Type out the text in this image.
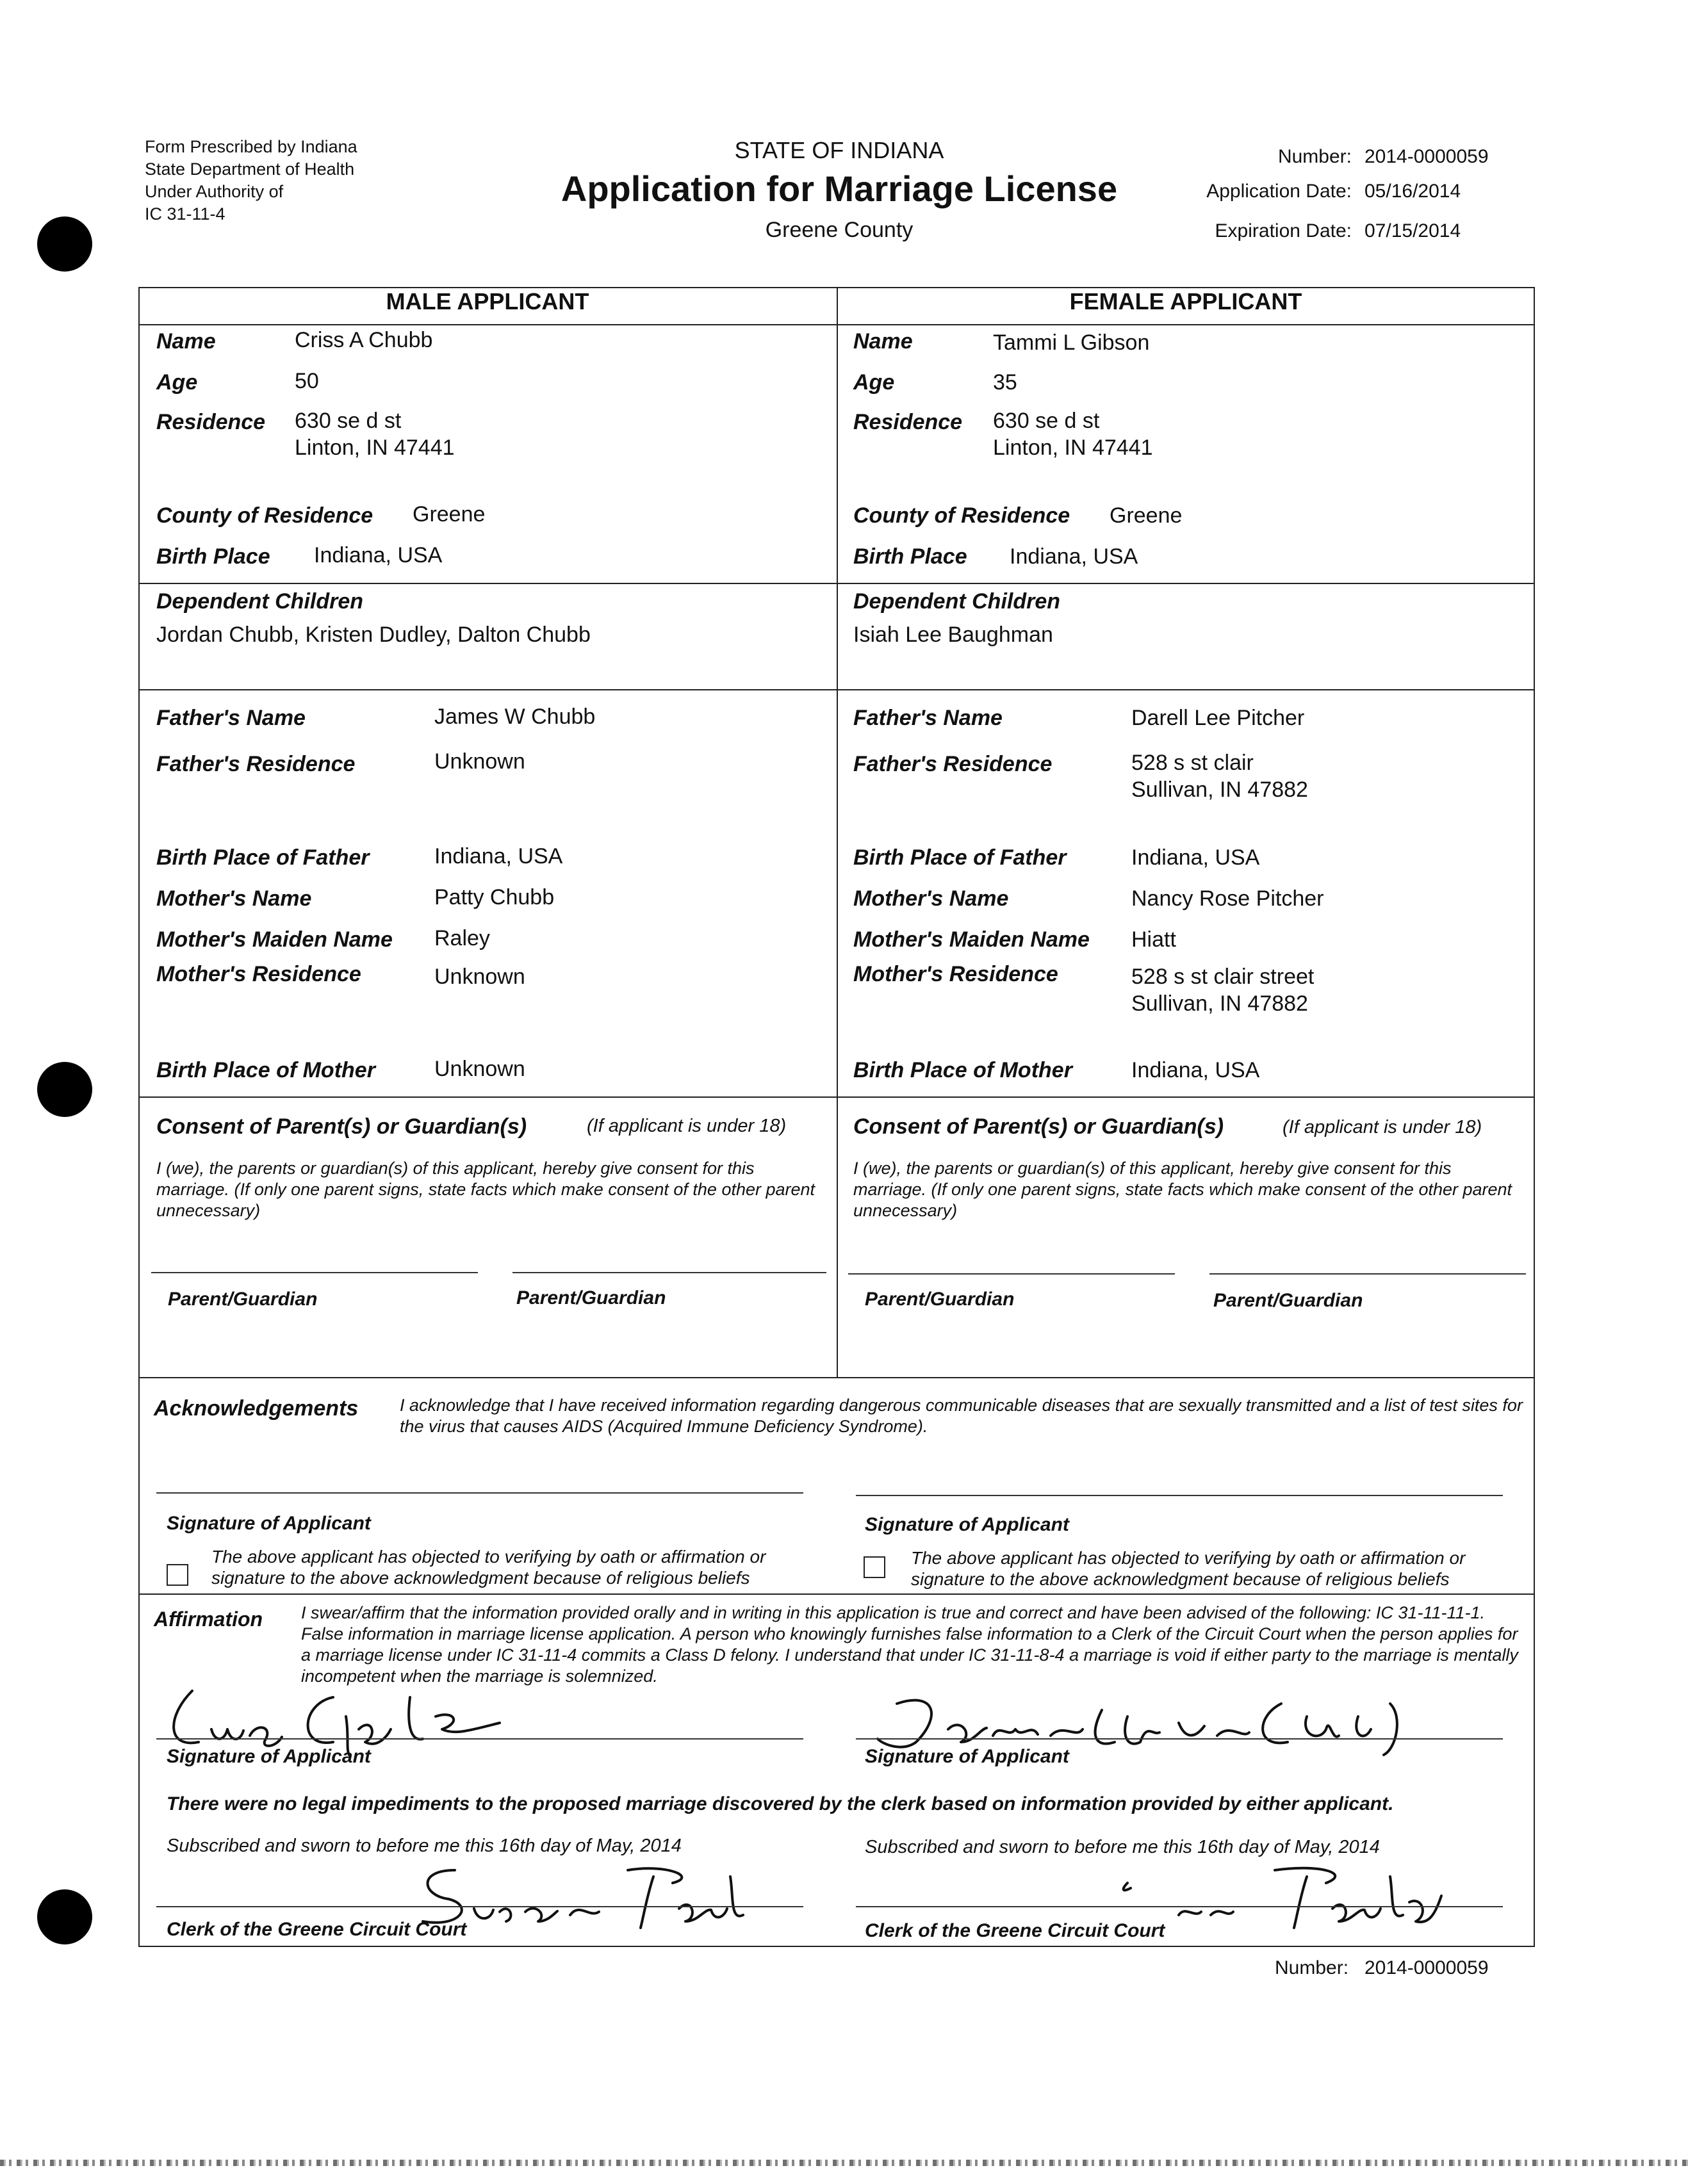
Form Prescribed by Indiana
State Department of Health
Under Authority of
IC 31-11-4
STATE OF INDIANA
Application for Marriage License
Greene County
Number: 2014-0000059
Application Date: 05/16/2014
Expiration Date: 07/15/2014
MALE APPLICANT	FEMALE APPLICANT
Name	Criss A Chubb
Age	50
Residence 630 se d st
Linton, IN 47441
County of Residence Greene
Birth Place Indiana, USA
Name	Tammi L Gibson
Age	35
Residence 630 se d st
Linton, IN 47441
County of Residence Greene
Birth Place Indiana, USA
Dependent Children
Jordan Chubb, Kristen Dudley, Dalton Chubb
Dependent Children
Isiah Lee Baughman
Father's Name	James W Chubb
Father's Residence	Unknown
Birth Place of Father	Indiana, USA
Mother's Name	Patty Chubb
Mother's Maiden Name Raley
Mother's Residence	Unknown
Birth Place of Mother	Unknown
Father's Name	Darell Lee Pitcher
Father's Residence	528 s st clair
Sullivan, IN 47882
Birth Place of Father	Indiana, USA
Mother's Name	Nancy Rose Pitcher
Mother's Maiden Name Hiatt
Mother's Residence	528 s st clair street
Sullivan, IN 47882
Birth Place of Mother	Indiana, USA
Consent of Parent(s) or Guardian(s)	(If applicant is under 18)
I (we), the parents or guardian(s) of this applicant, hereby give consent for this marriage. (If only one parent signs, state facts which make consent of the other parent unnecessary)
Parent/Guardian	Parent/Guardian
Consent of Parent(s) or Guardian(s)	(If applicant is under 18)
I (we), the parents or guardian(s) of this applicant, hereby give consent for this marriage. (If only one parent signs, state facts which make consent of the other parent unnecessary)
Parent/Guardian	Parent/Guardian
Acknowledgements I acknowledge that I have received information regarding dangerous communicable diseases that are sexually transmitted and a list of test sites for the virus that causes AIDS (Acquired Immune Deficiency Syndrome).
Signature of Applicant	Signature of Applicant
The above applicant has objected to verifying by oath or affirmation or signature to the above acknowledgment because of religious beliefs
The above applicant has objected to verifying by oath or affirmation or signature to the above acknowledgment because of religious beliefs
Affirmation I swear/affirm that the information provided orally and in writing in this application is true and correct and have been advised of the following: IC 31-11-11-1. False information in marriage license application. A person who knowingly furnishes false information to a Clerk of the Circuit Court when the person applies for a marriage license under IC 31-11-4 commits a Class D felony. I understand that under IC 31-11-8-4 a marriage is void if either party to the marriage is mentally incompetent when the marriage is solemnized.
Signature of Applicant	Signature of Applicant
There were no legal impediments to the proposed marriage discovered by the clerk based on information provided by either applicant.
Subscribed and sworn to before me this 16th day of May, 2014	Subscribed and sworn to before me this 16th day of May, 2014
Clerk of the Greene Circuit Court	Clerk of the Greene Circuit Court
Number: 2014-0000059
